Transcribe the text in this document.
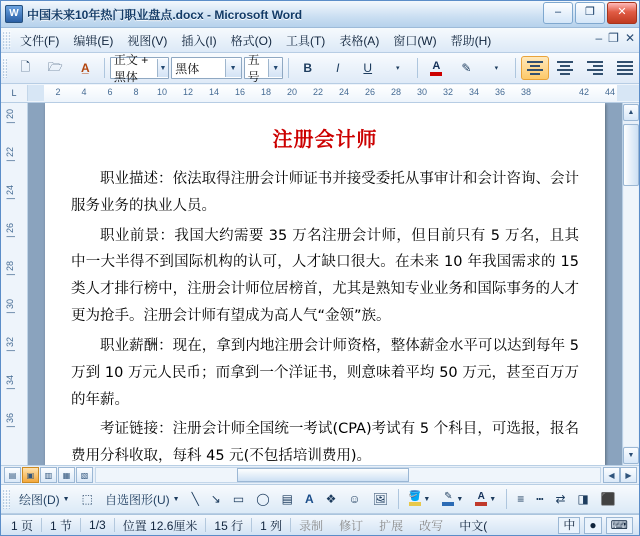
W 中国未来10年热门职业盘点.docx - Microsoft Word	–	❐	✕
文件(F)	编辑(E)	视图(V)	插入(I)	格式(O)	工具(T)	表格(A)	窗口(W)	帮助(H)	– ❐ ✕
🗋	🗁	A̲
正文 + 黑体
▼ 黑体	▼
五号
▼	B	I	U	▾	A	✎	▾
L	2 4 6 8 10 12 14 16 18 20 22 24 26 28 30 32 34 36 38	42 44
| 20
| 22
| 24
| 26
| 28
| 30
| 32
| 34
| 36
注册会计师

职业描述：依法取得注册会计师证书并接受委托从事审计和会计咨询、会计服务业务的执业人员。

职业前景：我国大约需要 35 万名注册会计师，但目前只有 5 万名，且其中一大半得不到国际机构的认可，人才缺口很大。在未来 10 年我国需求的 15 类人才排行榜中，注册会计师位居榜首，尤其是熟知专业业务和国际事务的人才更为抢手。注册会计师有望成为高人气“金领”族。

职业薪酬：现在，拿到内地注册会计师资格，整体薪金水平可以达到每年 5 万到 10 万元人民币；而拿到一个洋证书，则意味着平均 50 万元，甚至百万万的年薪。

考证链接：注册会计师全国统一考试(CPA)考试有 5 个科目，可选报，报名费用分科收取，每科 45 元(不包括培训费用)。

▲
▼
▤	▣	▥	▦	▧	◀	▶
绘图(D) ▼	⬚	自选图形(U) ▼	╲	↘	▭	◯	▤	A	❖	☺	🖼	🪣 ▼ ✎ ▼ A ▼	≡	┅	⇄	◨	⬛
1 页	1 节	1/3	位置 12.6厘米	15 行	1 列	录制	修订	扩展	改写	中文(	中	●	⌨
